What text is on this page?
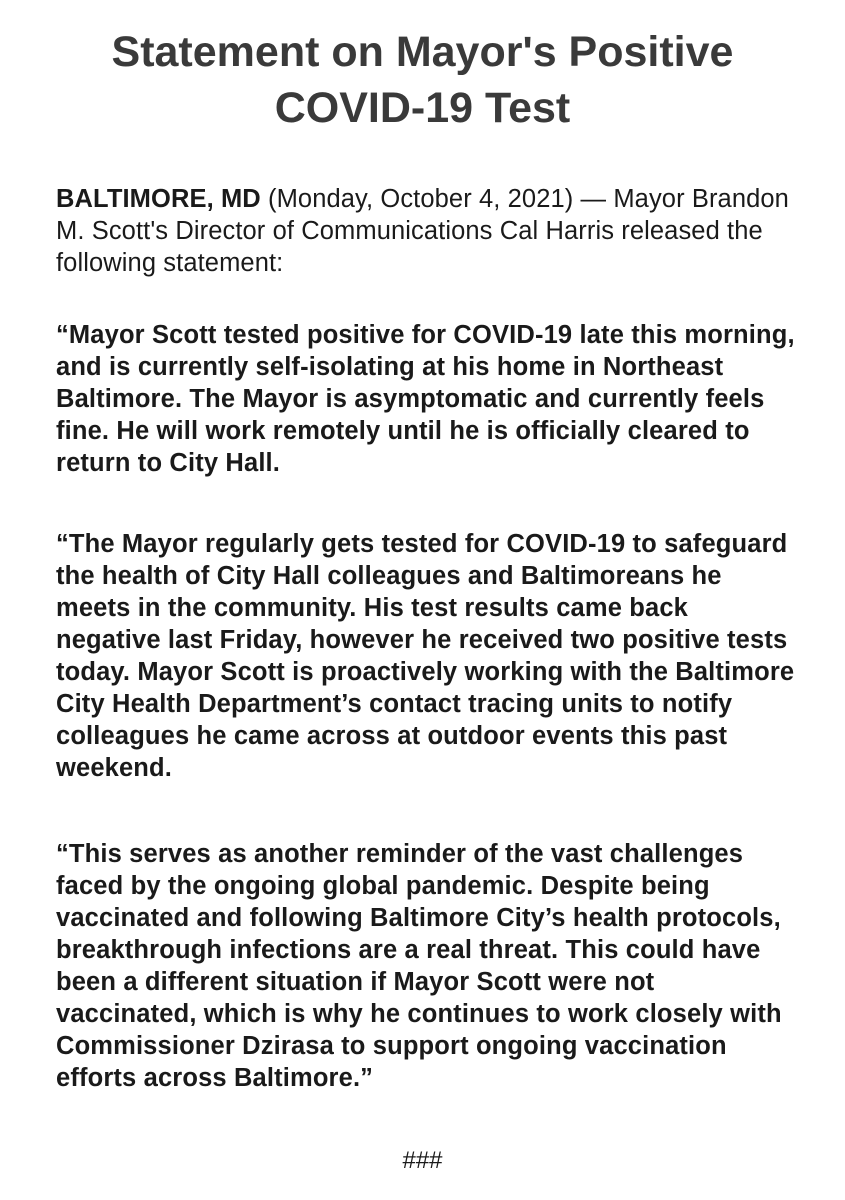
Statement on Mayor's Positive COVID-19 Test

BALTIMORE, MD (Monday, October 4, 2021) — Mayor Brandon M. Scott's Director of Communications Cal Harris released the following statement:

“Mayor Scott tested positive for COVID-19 late this morning, and is currently self-isolating at his home in Northeast Baltimore. The Mayor is asymptomatic and currently feels fine. He will work remotely until he is officially cleared to return to City Hall.

“The Mayor regularly gets tested for COVID-19 to safeguard the health of City Hall colleagues and Baltimoreans he meets in the community. His test results came back negative last Friday, however he received two positive tests today. Mayor Scott is proactively working with the Baltimore City Health Department’s contact tracing units to notify colleagues he came across at outdoor events this past weekend.

“This serves as another reminder of the vast challenges faced by the ongoing global pandemic. Despite being vaccinated and following Baltimore City’s health protocols, breakthrough infections are a real threat. This could have been a different situation if Mayor Scott were not vaccinated, which is why he continues to work closely with Commissioner Dzirasa to support ongoing vaccination efforts across Baltimore.”

###
